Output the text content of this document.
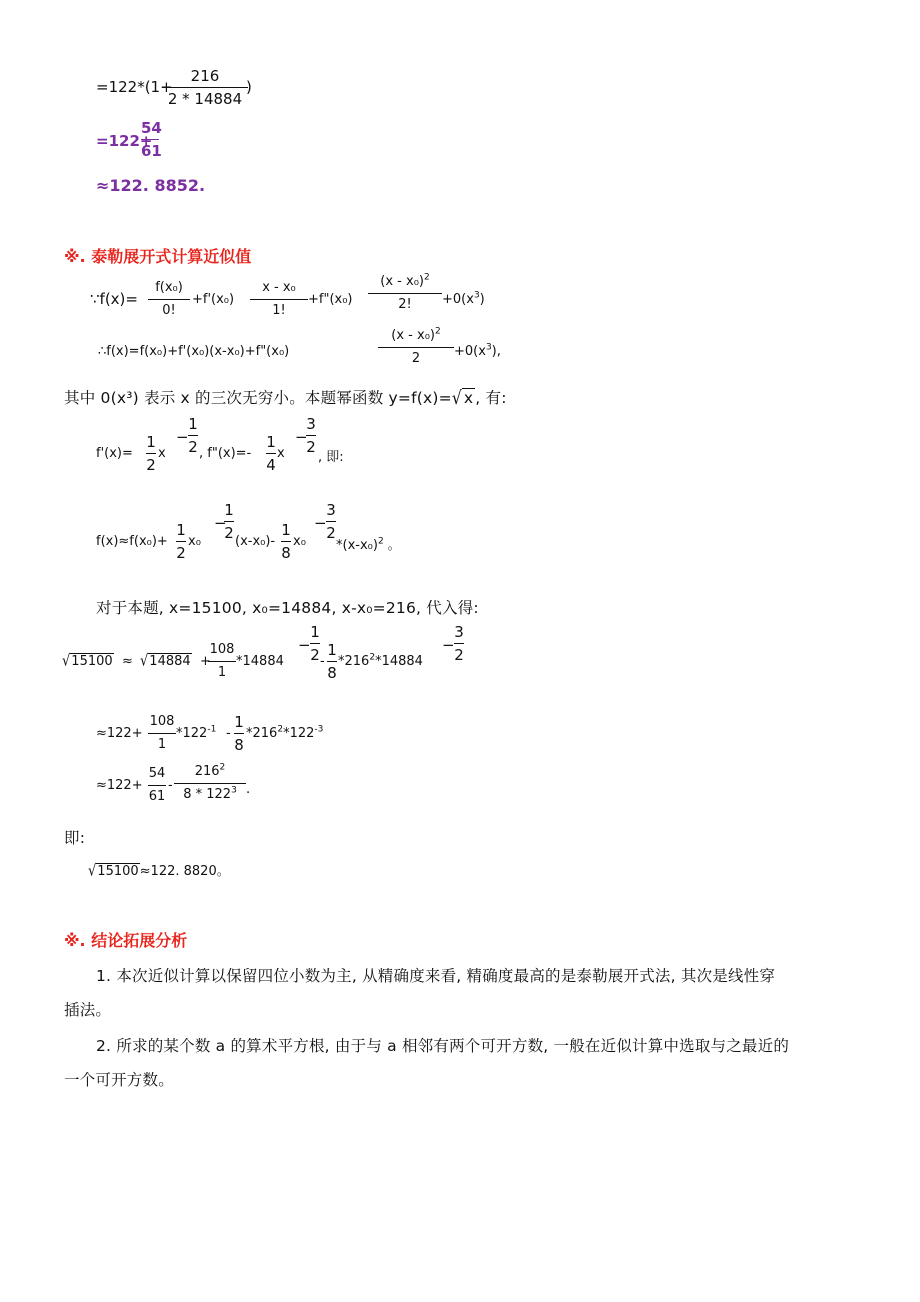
=122*(1+
216
2 * 14884
)
=122+
54
61
≈122. 8852.
※. 泰勒展开式计算近似值
∵f(x)=
f(x₀)
0!
+f'(x₀)
x - x₀
1!
+f"(x₀)
(x - x₀)$^2$
2!	$+0(x^3)$
∴f(x)=f(x₀)+f'(x₀)(x-x₀)+f"(x₀)
(x - x₀)$^2$
2	$+0(x^3)$,
其中 0(x³) 表示 x 的三次无穷小。本题幂函数 y=f(x)=√ x , 有:
f'(x)=
1
2
x
−
1
2 , f"(x)=-
1
4
x
−
3
2
, 即:
f(x)≈f(x₀)+
1
2
x₀
−
1
2 (x-x₀)-
1
8
x₀
−
3
2
$*(x-x_0)^2$ 。
对于本题, x=15100, x₀=14884, x-x₀=216, 代入得:
√15100 ≈ √14884 +
108
1
*14884
−
1
2 -
1
8
$*216^2*14884$
−
3
2
≈122+
108
1
$*122^{-1}$ -
1
8
$*216^2*122^{-3}$
≈122+
54
61
-
$216^2$
$8 * 122^3$ .
即:
√15100≈122. 8820。
※. 结论拓展分析
1. 本次近似计算以保留四位小数为主, 从精确度来看, 精确度最高的是泰勒展开式法, 其次是线性穿
插法。
2. 所求的某个数 a 的算术平方根, 由于与 a 相邻有两个可开方数, 一般在近似计算中选取与之最近的
一个可开方数。
